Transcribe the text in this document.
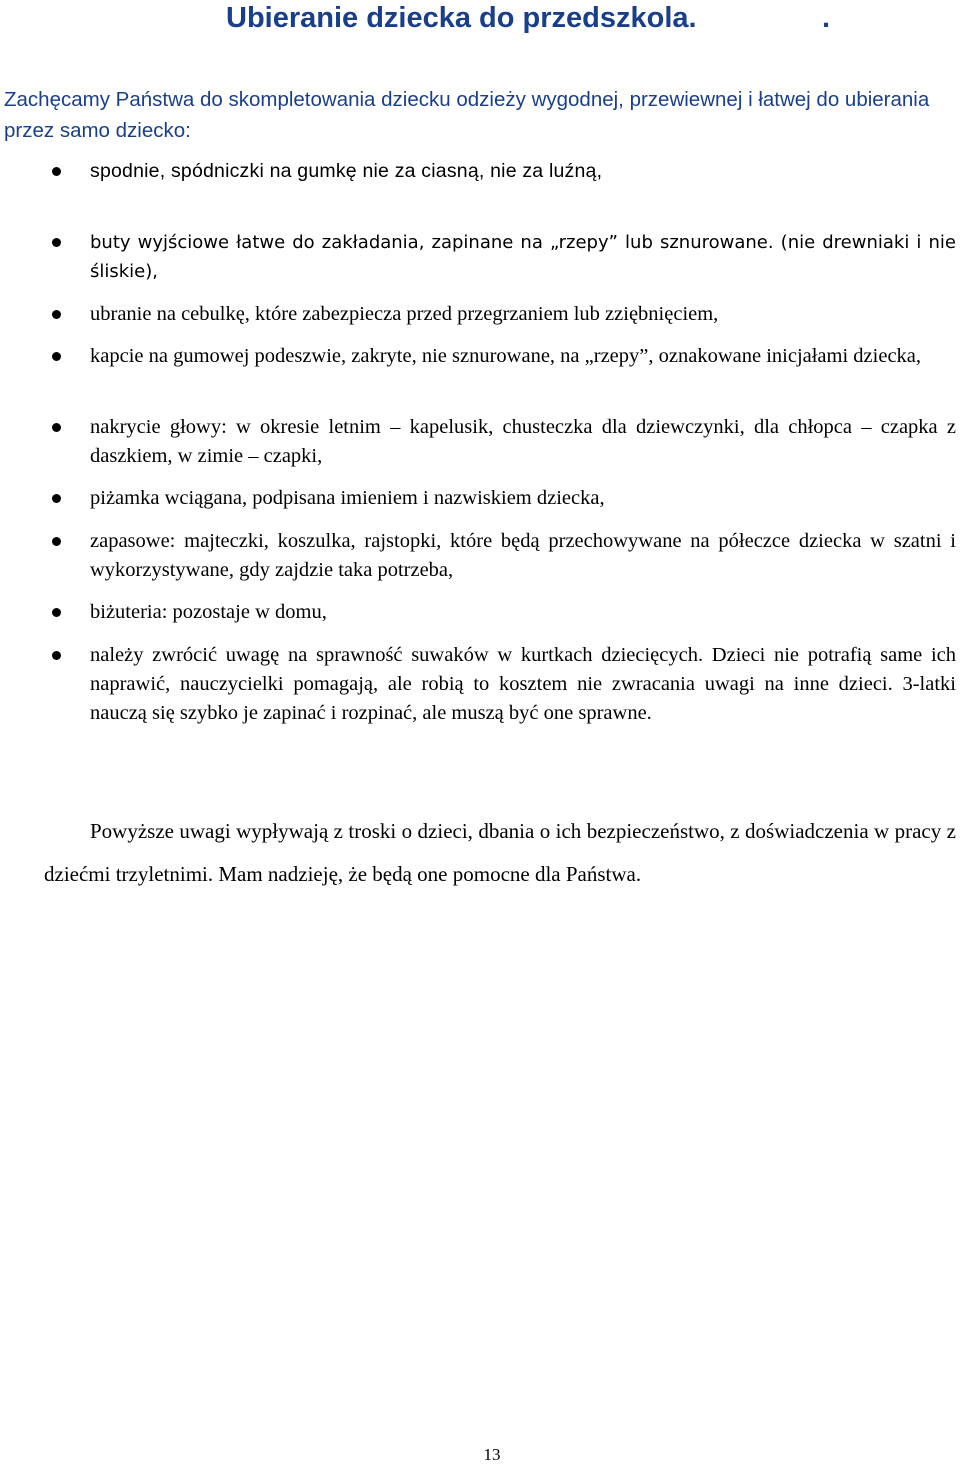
Ubieranie dziecka do przedszkola.	.

Zachęcamy Państwa do skompletowania dziecku odzieży wygodnej, przewiewnej i łatwej do ubierania przez samo dziecko:

spodnie, spódniczki na gumkę nie za ciasną, nie za luźną,
buty wyjściowe łatwe do zakładania, zapinane na „rzepy” lub sznurowane. (nie drewniaki i nie śliskie),
ubranie na cebulkę, które zabezpiecza przed przegrzaniem lub zziębnięciem,
kapcie na gumowej podeszwie, zakryte, nie sznurowane, na „rzepy”, oznakowane inicjałami dziecka,
nakrycie głowy: w okresie letnim – kapelusik, chusteczka dla dziewczynki, dla chłopca – czapka z daszkiem, w zimie – czapki,
piżamka wciągana, podpisana imieniem i nazwiskiem dziecka,
zapasowe: majteczki, koszulka, rajstopki, które będą przechowywane na półeczce dziecka w szatni i wykorzystywane, gdy zajdzie taka potrzeba,
biżuteria: pozostaje w domu,
należy zwrócić uwagę na sprawność suwaków w kurtkach dziecięcych. Dzieci nie potrafią same ich naprawić, nauczycielki pomagają, ale robią to kosztem nie zwracania uwagi na inne dzieci. 3-latki nauczą się szybko je zapinać i rozpinać, ale muszą być one sprawne.

Powyższe uwagi wypływają z troski o dzieci, dbania o ich bezpieczeństwo, z doświadczenia w pracy z dziećmi trzyletnimi. Mam nadzieję, że będą one pomocne dla Państwa.

13
